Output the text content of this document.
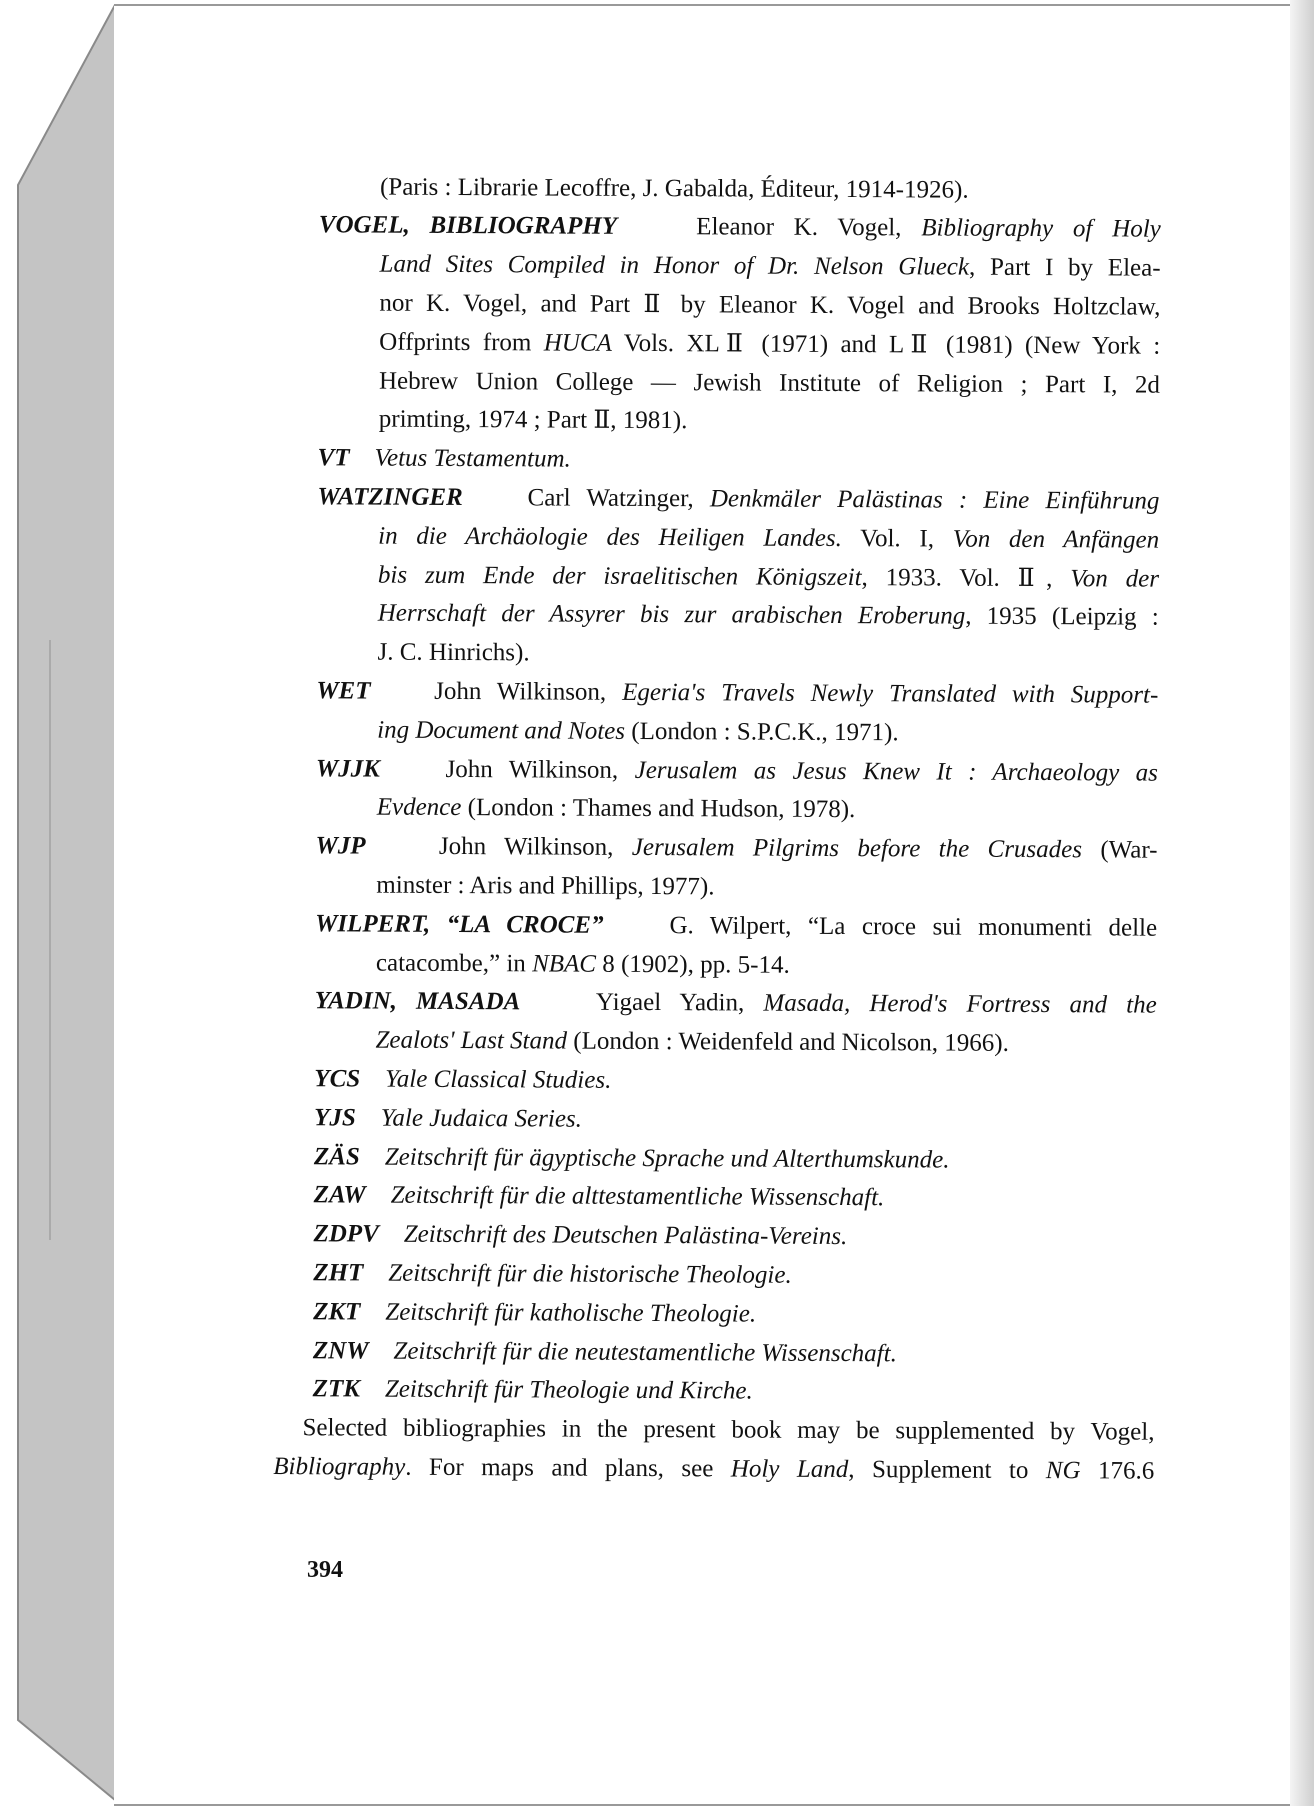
(Paris : Librarie Lecoffre, J. Gabalda, Éditeur, 1914-1926).
VOGEL, BIBLIOGRAPHY    Eleanor K. Vogel, Bibliography of Holy
Land Sites Compiled in Honor of Dr. Nelson Glueck, Part I by Elea-
nor K. Vogel, and Part Ⅱ by Eleanor K. Vogel and Brooks Holtzclaw,
Offprints from HUCA Vols. XLⅡ (1971) and LⅡ (1981) (New York :
Hebrew Union College — Jewish Institute of Religion ; Part I, 2d
primting, 1974 ; Part Ⅱ, 1981).
VT    Vetus Testamentum.
WATZINGER    Carl Watzinger, Denkmäler Palästinas : Eine Einführung
in die Archäologie des Heiligen Landes. Vol. I, Von den Anfängen
bis zum Ende der israelitischen Königszeit, 1933. Vol. Ⅱ, Von der
Herrschaft der Assyrer bis zur arabischen Eroberung, 1935 (Leipzig :
J. C. Hinrichs).
WET    John Wilkinson, Egeria's Travels Newly Translated with Support-
ing Document and Notes (London : S.P.C.K., 1971).
WJJK    John Wilkinson, Jerusalem as Jesus Knew It : Archaeology as
Evdence (London : Thames and Hudson, 1978).
WJP    John Wilkinson, Jerusalem Pilgrims before the Crusades (War-
minster : Aris and Phillips, 1977).
WILPERT, “LA CROCE”    G. Wilpert, “La croce sui monumenti delle
catacombe,” in NBAC 8 (1902), pp. 5-14.
YADIN, MASADA    Yigael Yadin, Masada, Herod's Fortress and the
Zealots' Last Stand (London : Weidenfeld and Nicolson, 1966).
YCS    Yale Classical Studies.
YJS    Yale Judaica Series.
ZÄS    Zeitschrift für ägyptische Sprache und Alterthumskunde.
ZAW    Zeitschrift für die alttestamentliche Wissenschaft.
ZDPV    Zeitschrift des Deutschen Palästina-Vereins.
ZHT    Zeitschrift für die historische Theologie.
ZKT    Zeitschrift für katholische Theologie.
ZNW    Zeitschrift für die neutestamentliche Wissenschaft.
ZTK    Zeitschrift für Theologie und Kirche.
Selected bibliographies in the present book may be supplemented by Vogel,
Bibliography. For maps and plans, see Holy Land, Supplement to NG 176.6
394
